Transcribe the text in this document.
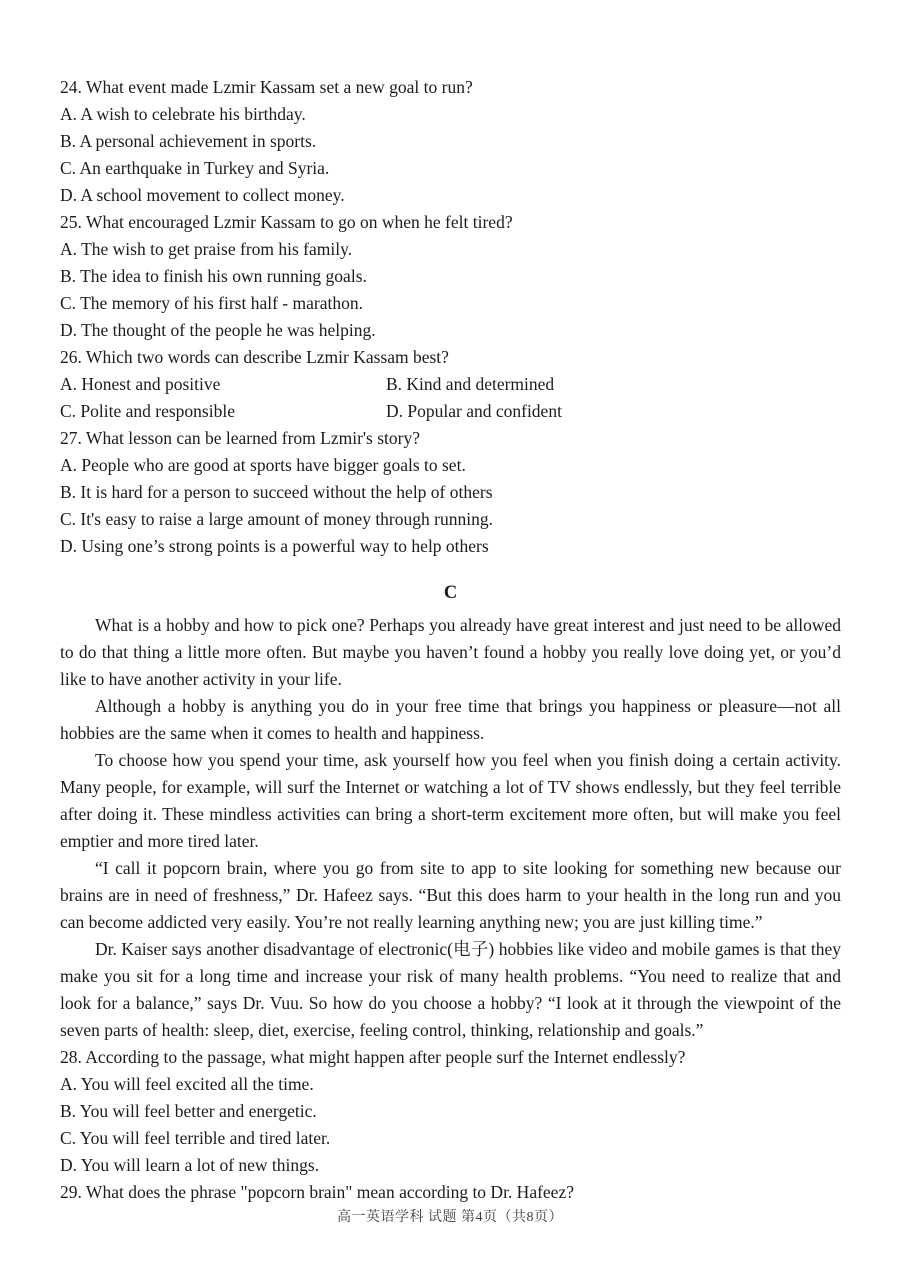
24. What event made Lzmir Kassam set a new goal to run?
A. A wish to celebrate his birthday.
B. A personal achievement in sports.
C. An earthquake in Turkey and Syria.
D. A school movement to collect money.
25. What encouraged Lzmir Kassam to go on when he felt tired?
A. The wish to get praise from his family.
B. The idea to finish his own running goals.
C. The memory of his first half - marathon.
D. The thought of the people he was helping.
26. Which two words can describe Lzmir Kassam best?
A. Honest and positive	B. Kind and determined
C. Polite and responsible	D. Popular and confident
27. What lesson can be learned from Lzmir's story?
A. People who are good at sports have bigger goals to set.
B. It is hard for a person to succeed without the help of others
C. It's easy to raise a large amount of money through running.
D. Using one’s strong points is a powerful way to help others
C

What is a hobby and how to pick one? Perhaps you already have great interest and just need to be allowed to do that thing a little more often. But maybe you haven’t found a hobby you really love doing yet, or you’d like to have another activity in your life.

Although a hobby is anything you do in your free time that brings you happiness or pleasure—not all hobbies are the same when it comes to health and happiness.

To choose how you spend your time, ask yourself how you feel when you finish doing a certain activity. Many people, for example, will surf the Internet or watching a lot of TV shows endlessly, but they feel terrible after doing it. These mindless activities can bring a short-term excitement more often, but will make you feel emptier and more tired later.

“I call it popcorn brain, where you go from site to app to site looking for something new because our brains are in need of freshness,” Dr. Hafeez says. “But this does harm to your health in the long run and you can become addicted very easily. You’re not really learning anything new; you are just killing time.”

Dr. Kaiser says another disadvantage of electronic(电子) hobbies like video and mobile games is that they make you sit for a long time and increase your risk of many health problems. “You need to realize that and look for a balance,” says Dr. Vuu. So how do you choose a hobby? “I look at it through the viewpoint of the seven parts of health: sleep, diet, exercise, feeling control, thinking, relationship and goals.”

28. According to the passage, what might happen after people surf the Internet endlessly?
A. You will feel excited all the time.
B. You will feel better and energetic.
C. You will feel terrible and tired later.
D. You will learn a lot of new things.
29. What does the phrase "popcorn brain" mean according to Dr. Hafeez?
高一英语学科 试题 第4页（共8页）
